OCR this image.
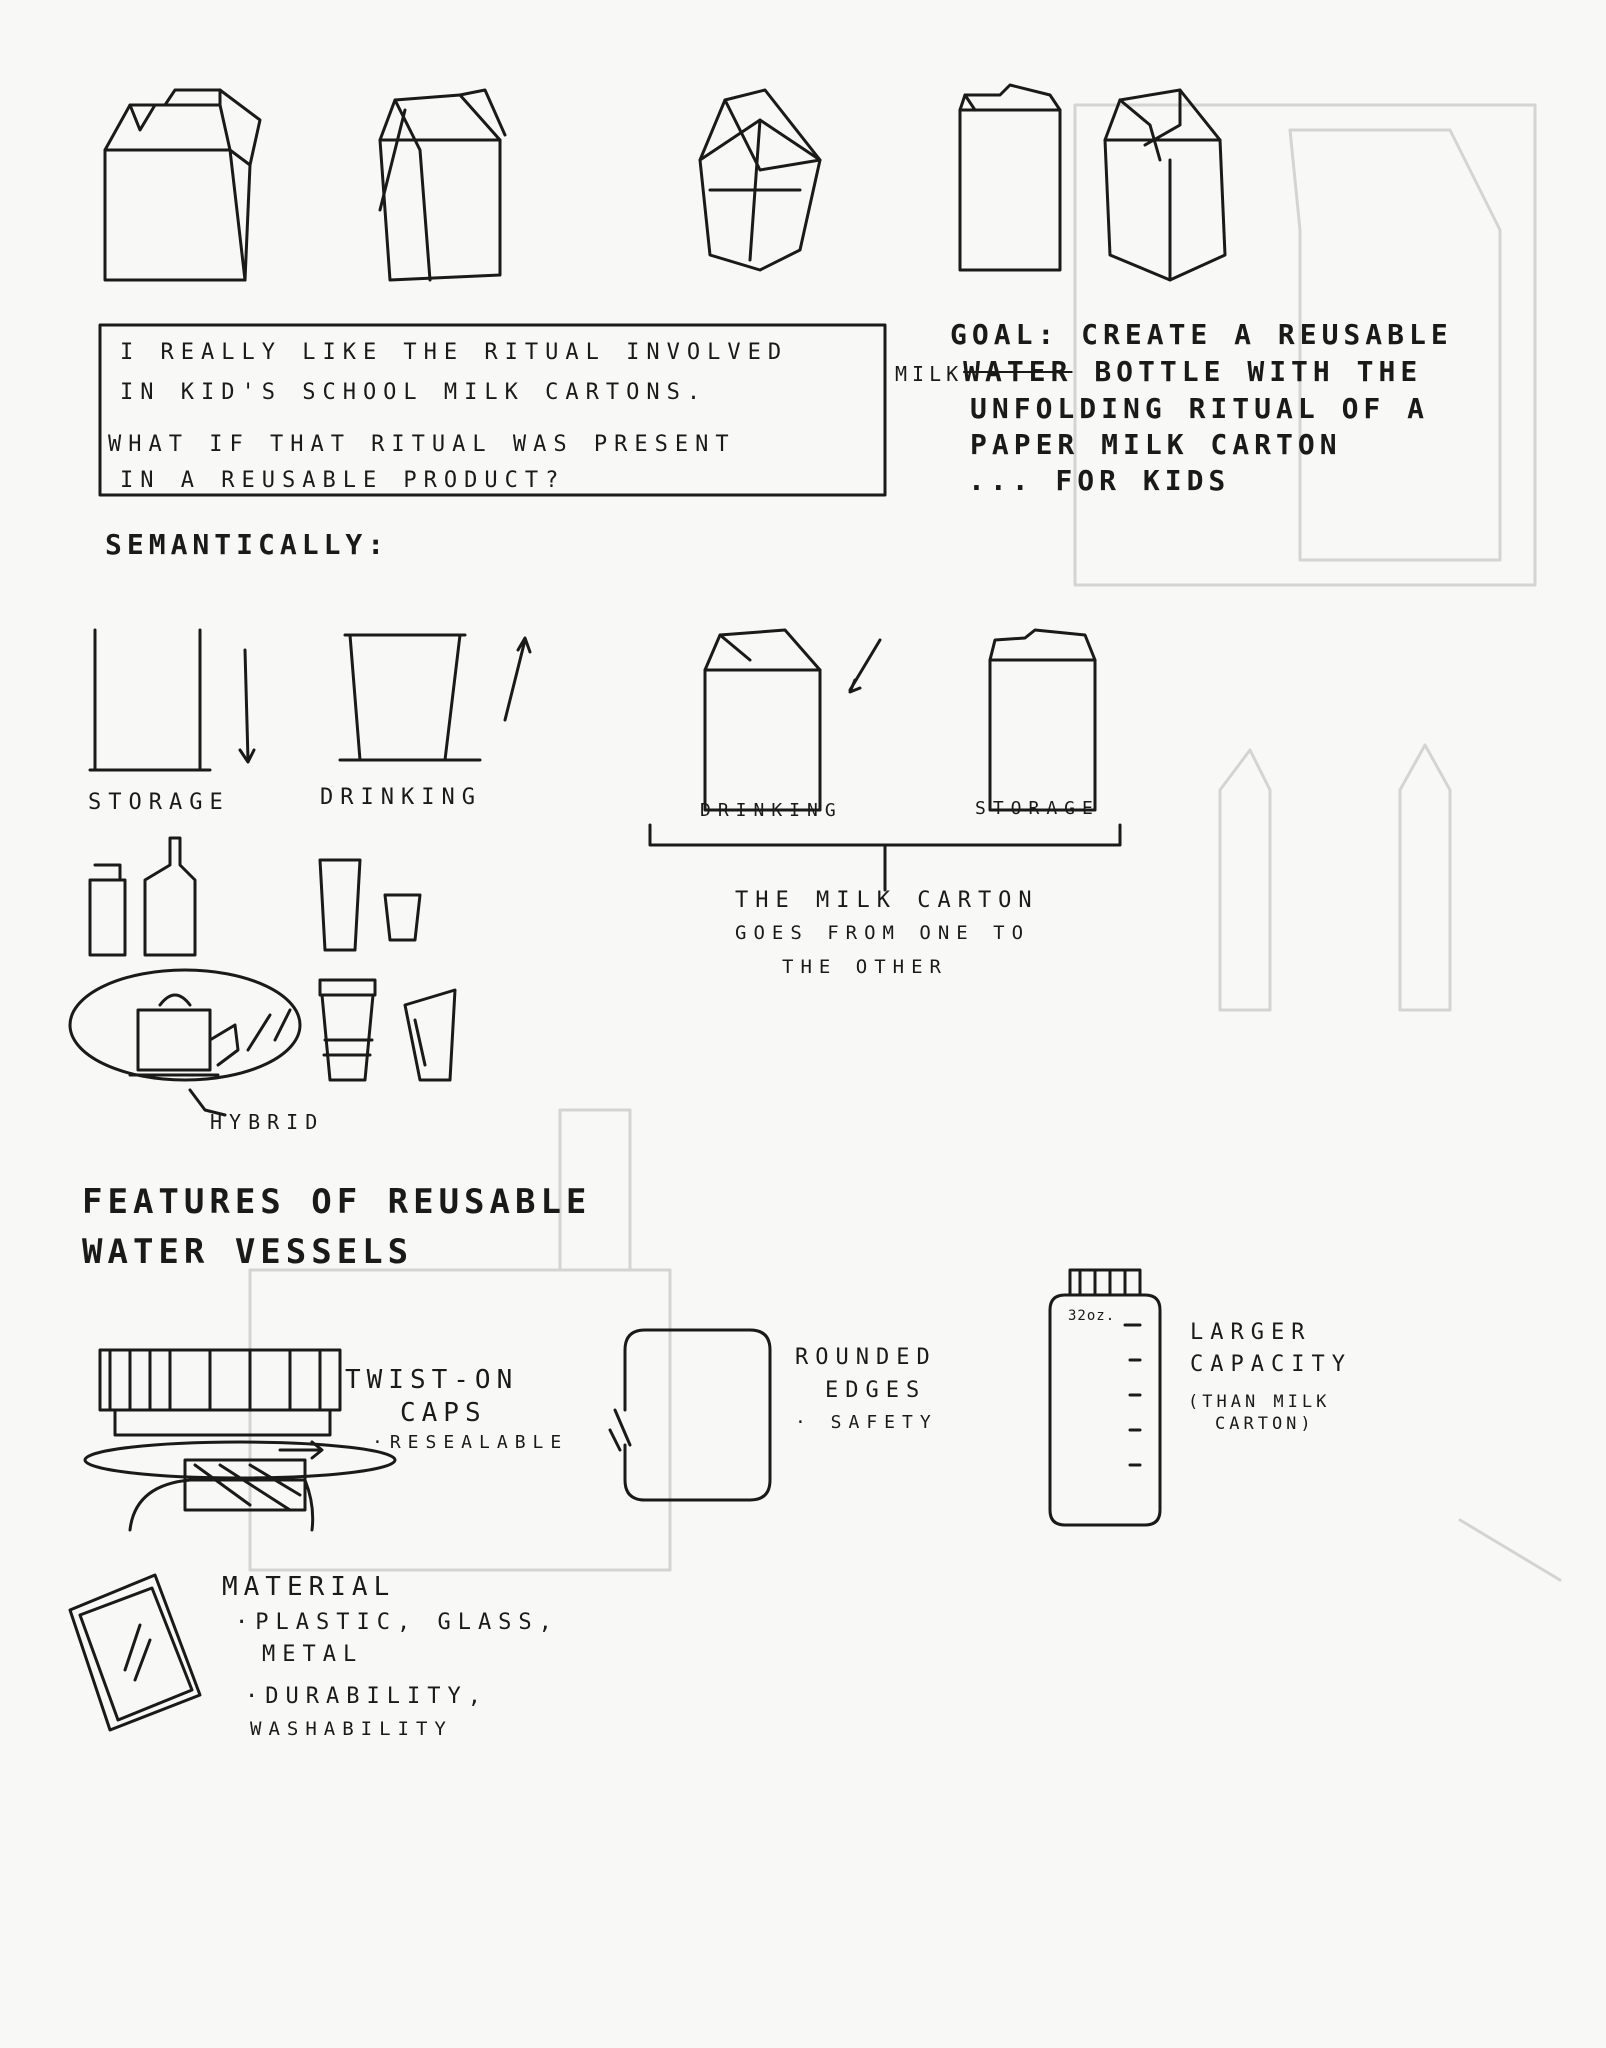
I REALLY LIKE THE RITUAL INVOLVED
IN KID'S SCHOOL MILK CARTONS.
WHAT IF THAT RITUAL WAS PRESENT
IN A REUSABLE PRODUCT?
GOAL: CREATE A REUSABLE
MILKWATER BOTTLE WITH THE
UNFOLDING RITUAL OF A
PAPER MILK CARTON
... FOR KIDS
SEMANTICALLY:
STORAGE	DRINKING
DRINKING	STORAGE
THE MILK CARTON
GOES FROM ONE TO
THE OTHER
HYBRID
FEATURES OF REUSABLE
WATER VESSELS
TWIST-ON
CAPS
·RESEALABLE
ROUNDED
EDGES
· SAFETY
32oz.
LARGER
CAPACITY
(THAN MILK
CARTON)
MATERIAL
·PLASTIC, GLASS,
METAL
·DURABILITY,
WASHABILITY
